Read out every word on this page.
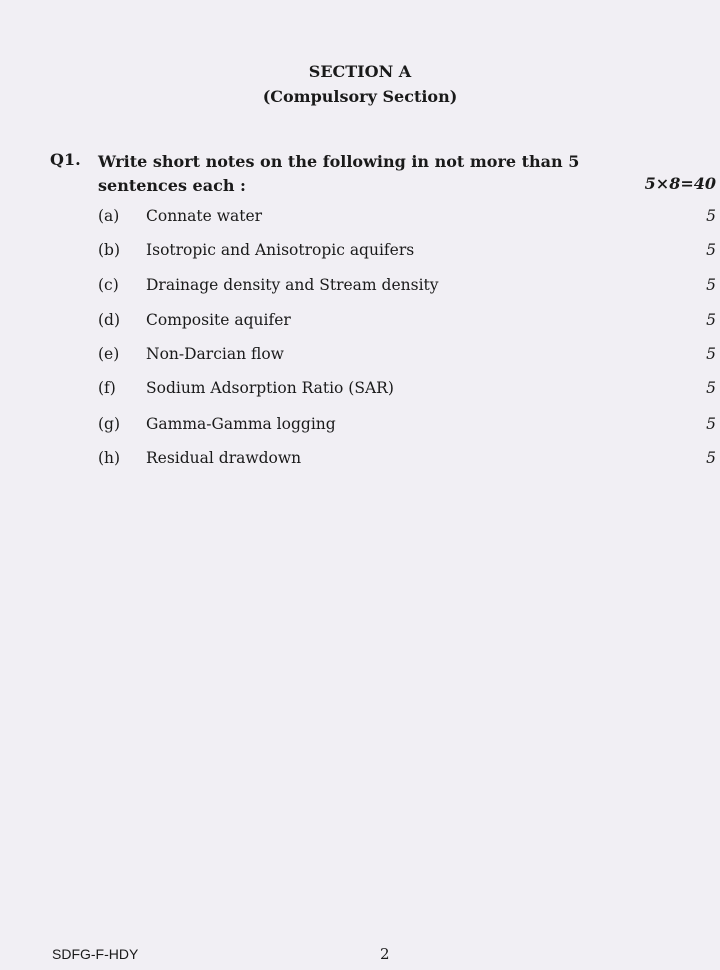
SECTION A
(Compulsory Section)
Q1. Write short notes on the following in not more than 5 sentences each :	5×8=40
(a) Connate water	5
(b) Isotropic and Anisotropic aquifers	5
(c) Drainage density and Stream density	5
(d) Composite aquifer	5
(e) Non-Darcian flow	5
(f) Sodium Adsorption Ratio (SAR)	5
(g) Gamma-Gamma logging	5
(h) Residual drawdown	5
SDFG-F-HDY	2
